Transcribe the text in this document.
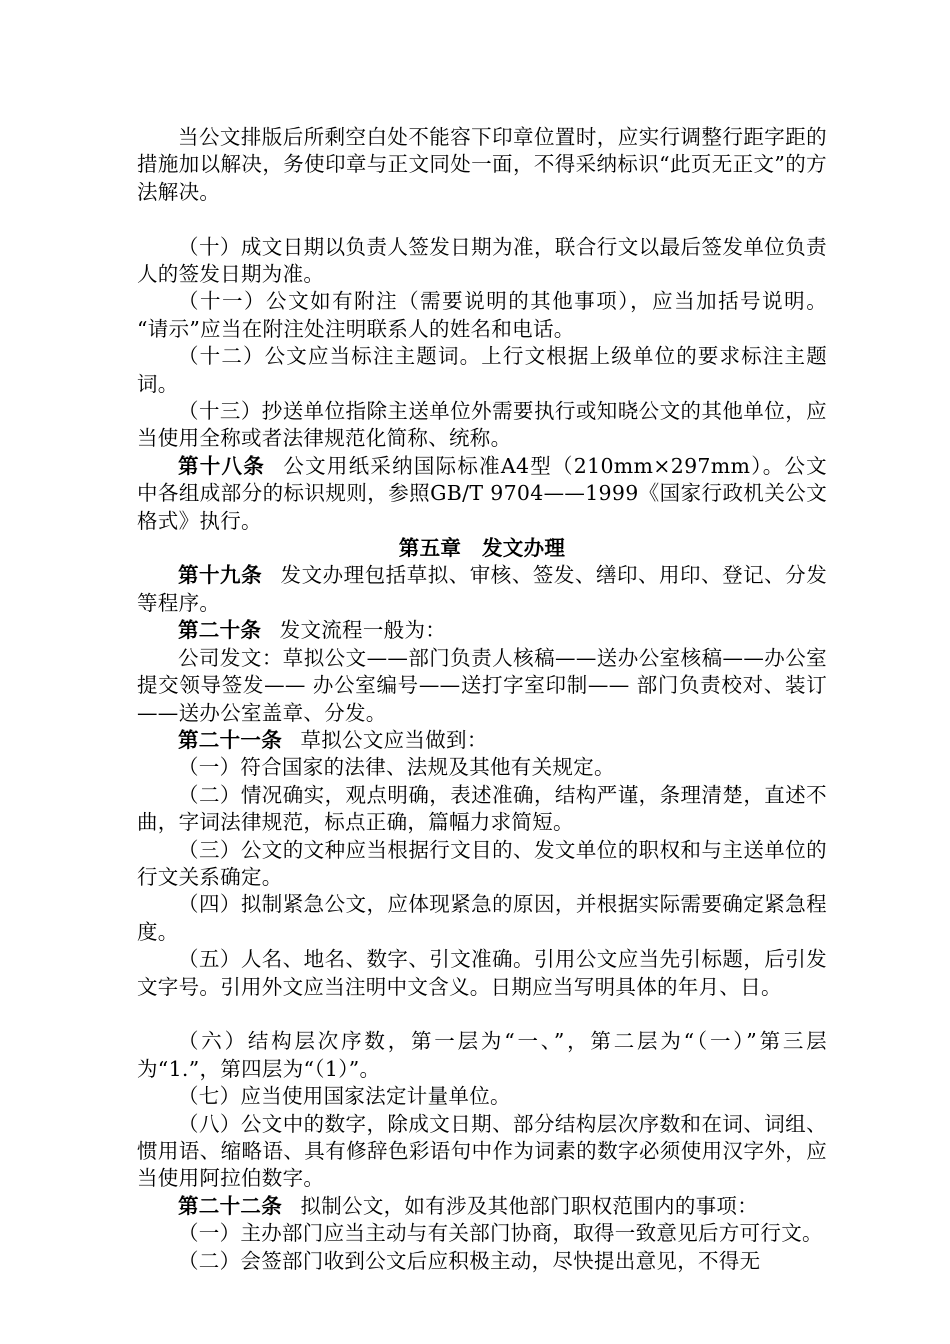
当公文排版后所剩空白处不能容下印章位置时，应实行调整行距字距的措施加以解决，务使印章与正文同处一面，不得采纳标识“此页无正文”的方法解决。

（十）成文日期以负责人签发日期为准，联合行文以最后签发单位负责人的签发日期为准。

（十一）公文如有附注（需要说明的其他事项），应当加括号说明。 “请示”应当在附注处注明联系人的姓名和电话。

（十二）公文应当标注主题词。上行文根据上级单位的要求标注主题词。

（十三）抄送单位指除主送单位外需要执行或知晓公文的其他单位，应当使用全称或者法律规范化简称、统称。

第十八条 公文用纸采纳国际标准A4型（210mm×297mm）。公文中各组成部分的标识规则，参照GB/T 9704——1999《国家行政机关公文格式》执行。

第五章　发文办理

第十九条 发文办理包括草拟、审核、签发、缮印、用印、登记、分发等程序。

第二十条 发文流程一般为：

公司发文：草拟公文——部门负责人核稿——送办公室核稿——办公室提交领导签发—— 办公室编号——送打字室印制—— 部门负责校对、装订——送办公室盖章、分发。

第二十一条 草拟公文应当做到：

（一）符合国家的法律、法规及其他有关规定。

（二）情况确实，观点明确，表述准确，结构严谨，条理清楚，直述不曲，字词法律规范，标点正确，篇幅力求简短。

（三）公文的文种应当根据行文目的、发文单位的职权和与主送单位的行文关系确定。

（四）拟制紧急公文，应体现紧急的原因，并根据实际需要确定紧急程度。

（五）人名、地名、数字、引文准确。引用公文应当先引标题，后引发文字号。引用外文应当注明中文含义。日期应当写明具体的年月、日。

（六）结构层次序数，第一层为“一、”，第二层为“（一）”第三层为“1.”，第四层为“（1）”。

（七）应当使用国家法定计量单位。

（八）公文中的数字，除成文日期、部分结构层次序数和在词、词组、惯用语、缩略语、具有修辞色彩语句中作为词素的数字必须使用汉字外，应当使用阿拉伯数字。

第二十二条 拟制公文，如有涉及其他部门职权范围内的事项：

（一）主办部门应当主动与有关部门协商，取得一致意见后方可行文。

（二）会签部门收到公文后应积极主动，尽快提出意见，不得无
